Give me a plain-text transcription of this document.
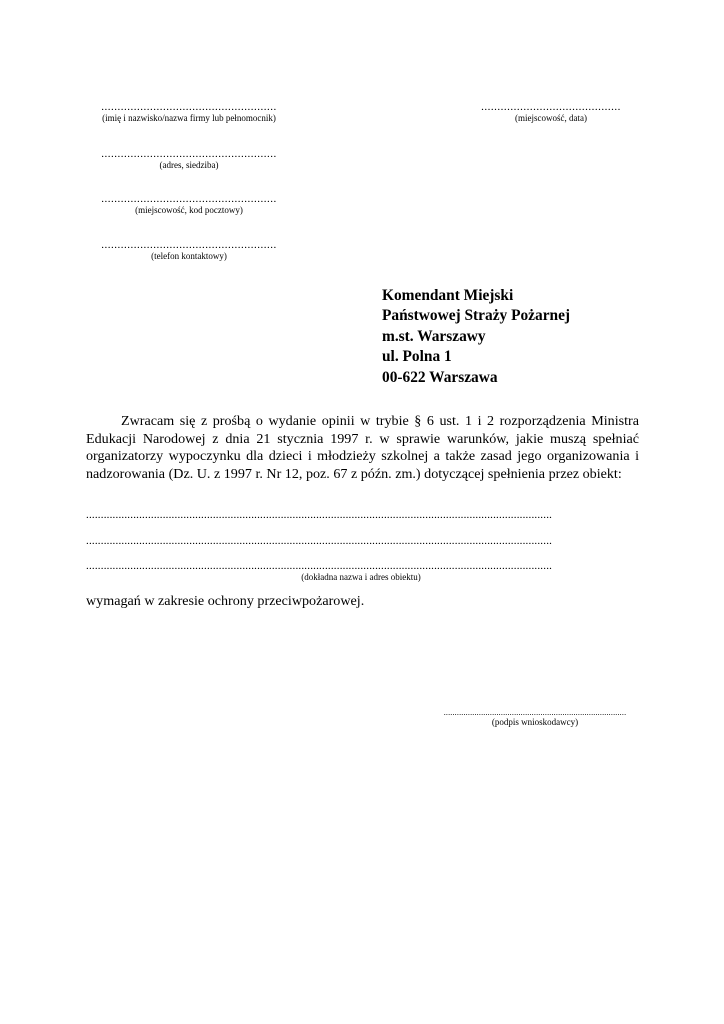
......................................................
(imię i nazwisko/nazwa firmy lub pełnomocnik)
...........................................
(miejscowość, data)
......................................................
(adres, siedziba)
......................................................
(miejscowość, kod pocztowy)
......................................................
(telefon kontaktowy)
Komendant Miejski
Państwowej Straży Pożarnej
m.st. Warszawy
ul. Polna 1
00-622 Warszawa

Zwracam się z prośbą o wydanie opinii w trybie § 6 ust. 1 i 2 rozporządzenia Ministra Edukacji Narodowej z dnia 21 stycznia 1997 r. w sprawie warunków, jakie muszą spełniać organizatorzy wypoczynku dla dzieci i młodzieży szkolnej a także zasad jego organizowania i nadzorowania (Dz. U. z 1997 r. Nr 12, poz. 67 z późn. zm.) dotyczącej spełnienia przez obiekt:

..............................................................................................................................................................
..............................................................................................................................................................
..............................................................................................................................................................
(dokładna nazwa i adres obiektu)
wymagań w zakresie ochrony przeciwpożarowej.
...................................................................................
(podpis wnioskodawcy)
